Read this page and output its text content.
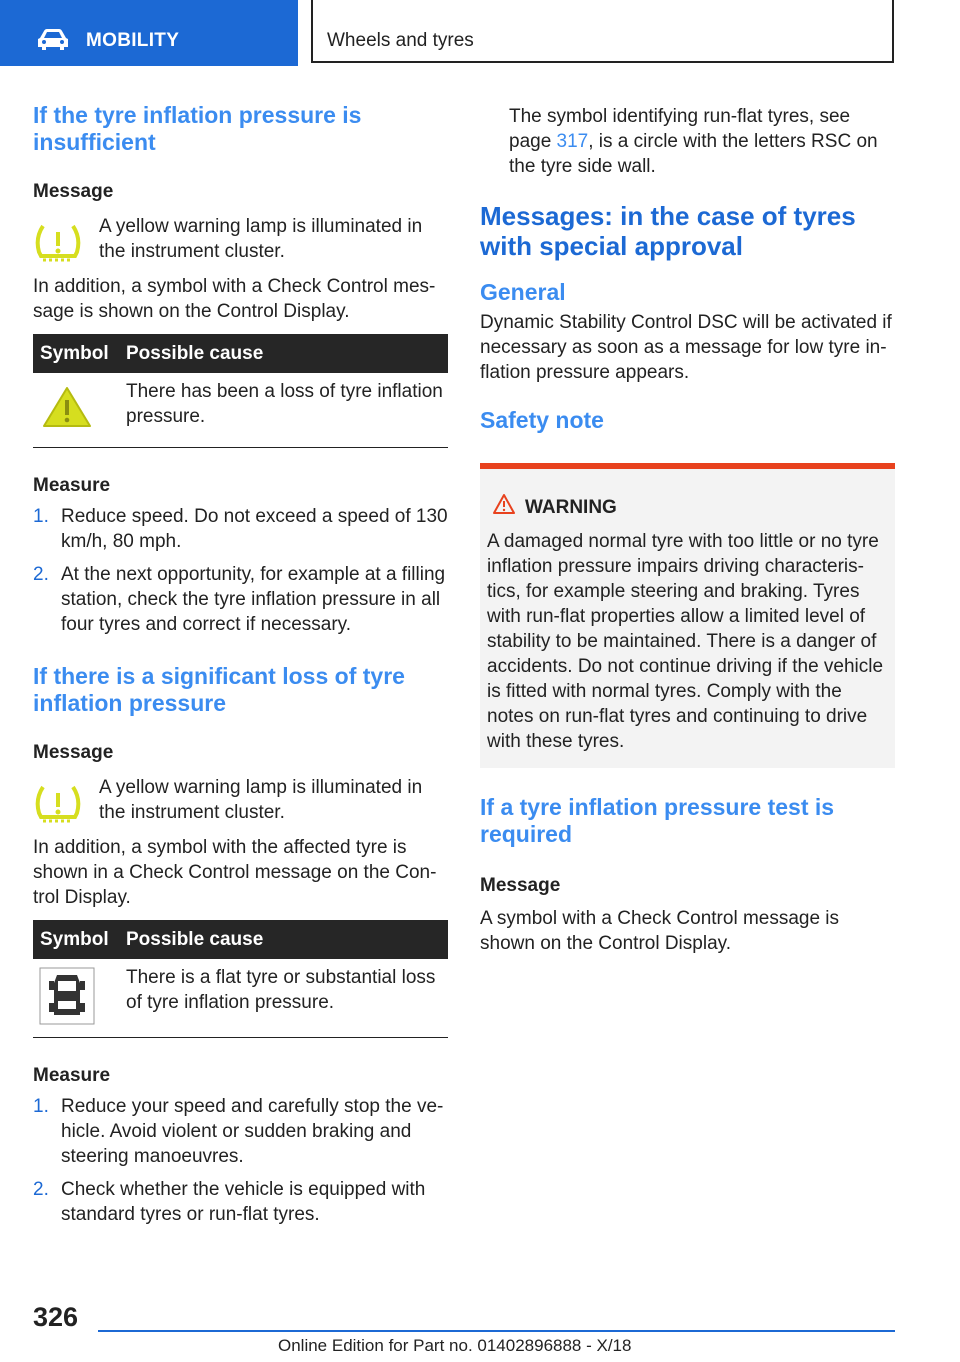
MOBILITY	Wheels and tyres
If the tyre inflation pressure is insufficient
Message
A yellow warning lamp is illuminated in the instrument cluster.

In addition, a symbol with a Check Control message is shown on the Control Display.

Symbol	Possible cause
	There has been a loss of tyre inflation pressure.
Measure
1. Reduce speed. Do not exceed a speed of 130 km/h, 80 mph.
2. At the next opportunity, for example at a filling station, check the tyre inflation pressure in all four tyres and correct if necessary.
If there is a significant loss of tyre inflation pressure
Message
A yellow warning lamp is illuminated in the instrument cluster.

In addition, a symbol with the affected tyre is shown in a Check Control message on the Control Display.

Symbol	Possible cause
	There is a flat tyre or substantial loss of tyre inflation pressure.
Measure
1. Reduce your speed and carefully stop the vehicle. Avoid violent or sudden braking and steering manoeuvres.
2. Check whether the vehicle is equipped with standard tyres or run-flat tyres.

The symbol identifying run-flat tyres, see page 317, is a circle with the letters RSC on the tyre side wall.

Messages: in the case of tyres with special approval
General

Dynamic Stability Control DSC will be activated if necessary as soon as a message for low tyre inflation pressure appears.

Safety note
WARNING
A damaged normal tyre with too little or no tyre inflation pressure impairs driving characteristics, for example steering and braking. Tyres with run-flat properties allow a limited level of stability to be maintained. There is a danger of accidents. Do not continue driving if the vehicle is fitted with normal tyres. Comply with the notes on run-flat tyres and continuing to drive with these tyres.
If a tyre inflation pressure test is required
Message

A symbol with a Check Control message is shown on the Control Display.

326
Online Edition for Part no. 01402896888 - X/18
